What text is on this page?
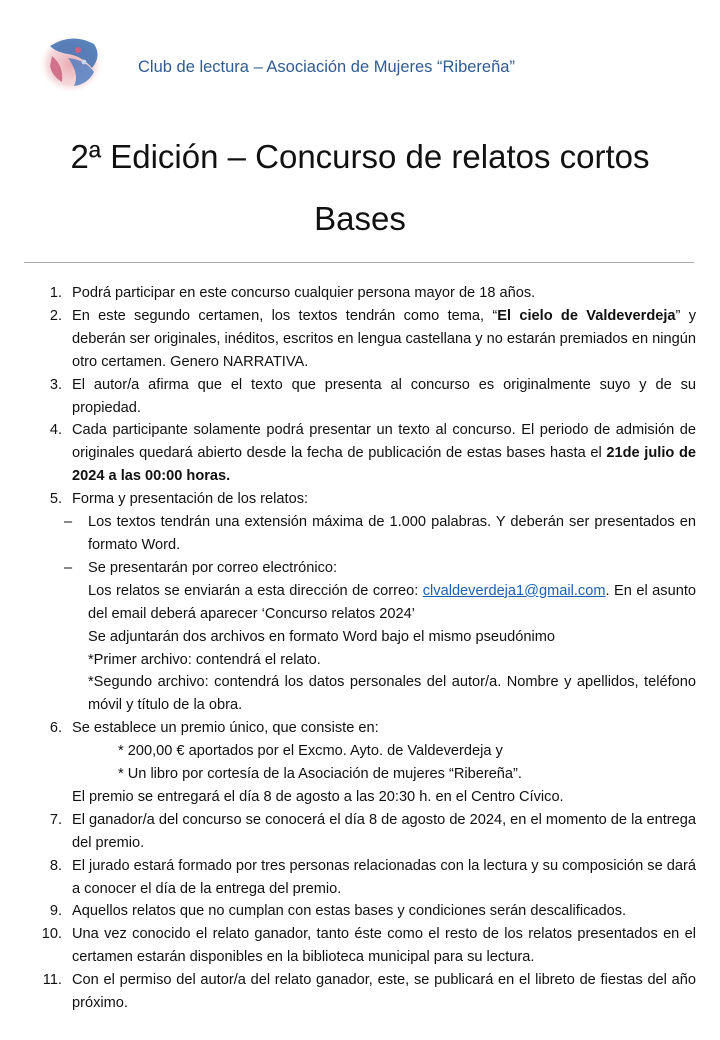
Club de lectura – Asociación de Mujeres “Ribereña”
2ª Edición – Concurso de relatos cortos
Bases
1. Podrá participar en este concurso cualquier persona mayor de 18 años.
2. En este segundo certamen, los textos tendrán como tema, “El cielo de Valdeverdeja” y deberán ser originales, inéditos, escritos en lengua castellana y no estarán premiados en ningún otro certamen. Genero NARRATIVA.
3. El autor/a afirma que el texto que presenta al concurso es originalmente suyo y de su propiedad.
4. Cada participante solamente podrá presentar un texto al concurso. El periodo de admisión de originales quedará abierto desde la fecha de publicación de estas bases hasta el 21de julio de 2024 a las 00:00 horas.
5. Forma y presentación de los relatos:
– Los textos tendrán una extensión máxima de 1.000 palabras. Y deberán ser presentados en formato Word.
– Se presentarán por correo electrónico:
Los relatos se enviarán a esta dirección de correo: clvaldeverdeja1@gmail.com. En el asunto del email deberá aparecer ‘Concurso relatos 2024’
Se adjuntarán dos archivos en formato Word bajo el mismo pseudónimo
*Primer archivo: contendrá el relato.
*Segundo archivo: contendrá los datos personales del autor/a. Nombre y apellidos, teléfono móvil y título de la obra.
6. Se establece un premio único, que consiste en:
* 200,00 € aportados por el Excmo. Ayto. de Valdeverdeja y
* Un libro por cortesía de la Asociación de mujeres “Ribereña”.
El premio se entregará el día 8 de agosto a las 20:30 h. en el Centro Cívico.
7. El ganador/a del concurso se conocerá el día 8 de agosto de 2024, en el momento de la entrega del premio.
8. El jurado estará formado por tres personas relacionadas con la lectura y su composición se dará a conocer el día de la entrega del premio.
9. Aquellos relatos que no cumplan con estas bases y condiciones serán descalificados.
10. Una vez conocido el relato ganador, tanto éste como el resto de los relatos presentados en el certamen estarán disponibles en la biblioteca municipal para su lectura.
11. Con el permiso del autor/a del relato ganador, este, se publicará en el libreto de fiestas del año próximo.
